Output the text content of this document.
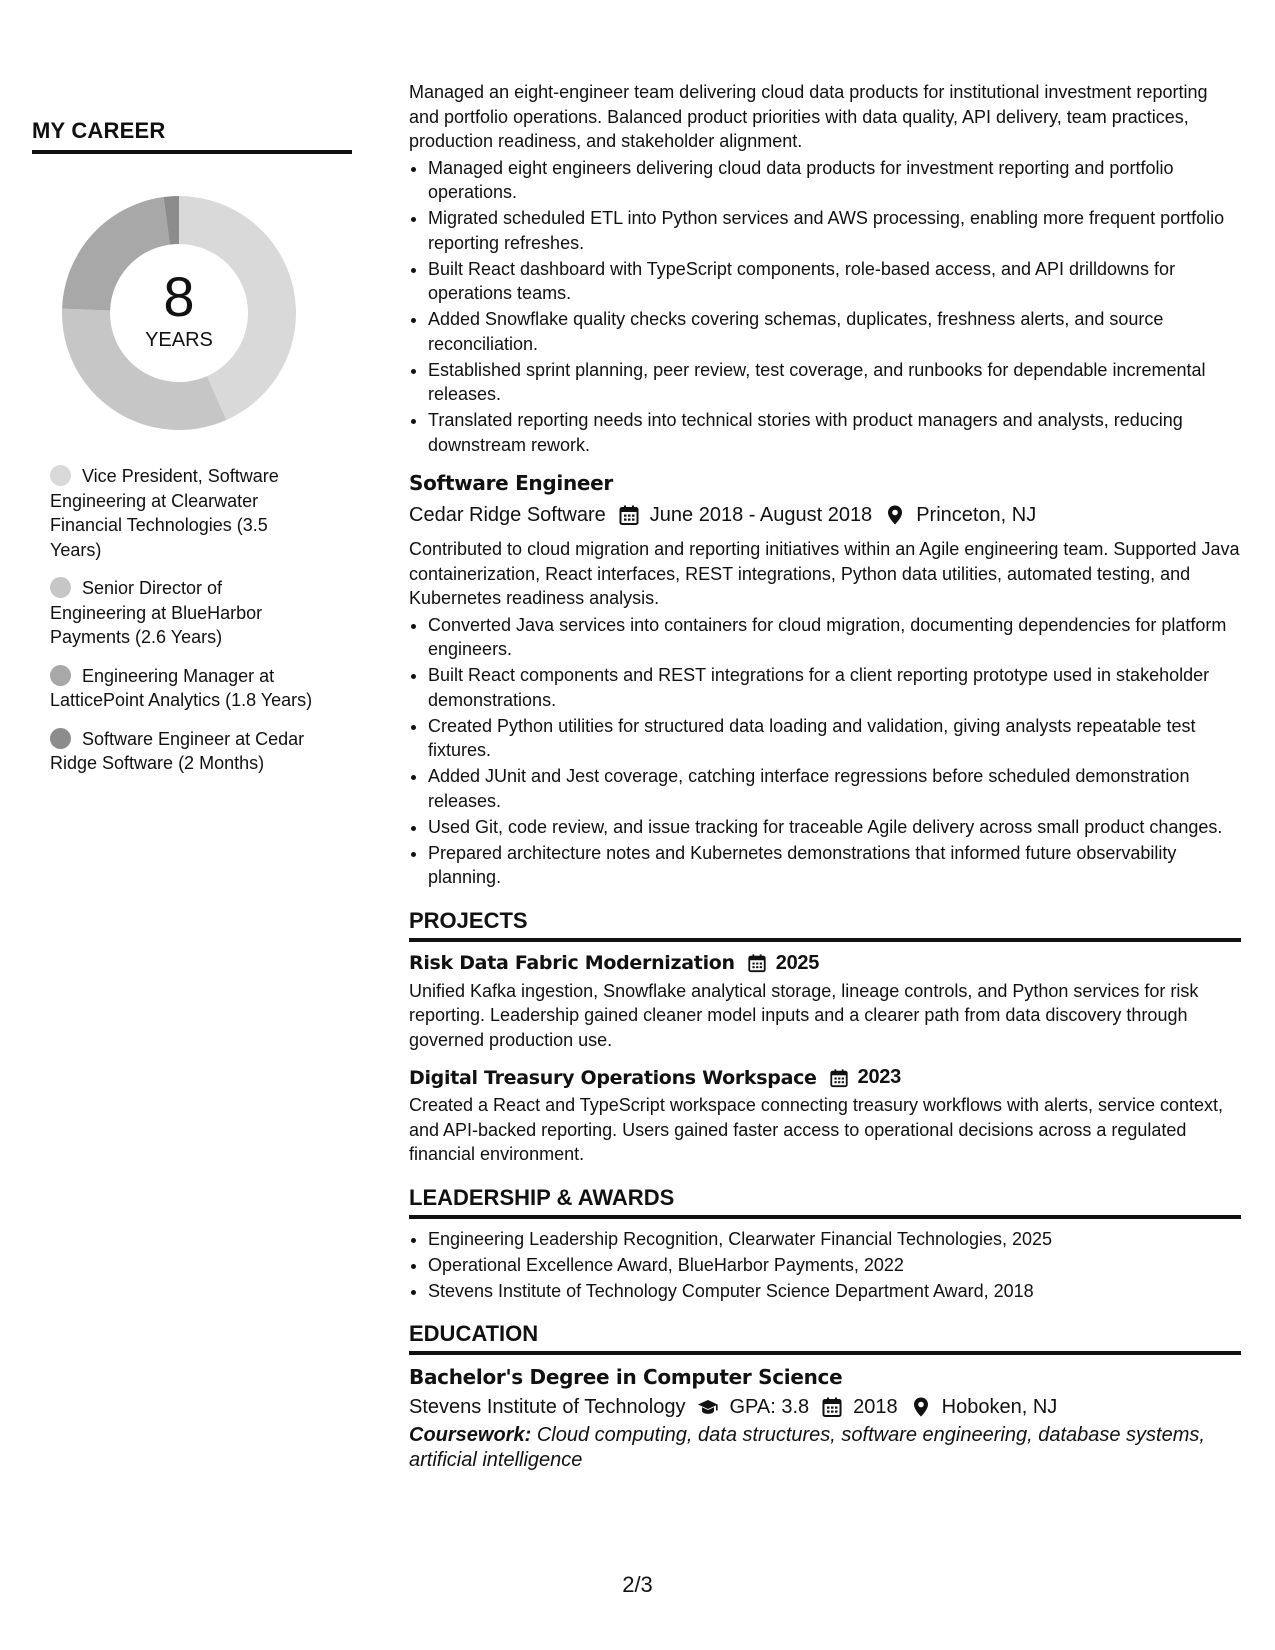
MY CAREER
8
YEARS
Vice President, Software Engineering at Clearwater Financial Technologies (3.5 Years)
Senior Director of Engineering at BlueHarbor Payments (2.6 Years)
Engineering Manager at LatticePoint Analytics (1.8 Years)
Software Engineer at Cedar Ridge Software (2 Months)

Managed an eight-engineer team delivering cloud data products for institutional investment reporting and portfolio operations. Balanced product priorities with data quality, API delivery, team practices, production readiness, and stakeholder alignment.

• Managed eight engineers delivering cloud data products for investment reporting and portfolio operations.
• Migrated scheduled ETL into Python services and AWS processing, enabling more frequent portfolio reporting refreshes.
• Built React dashboard with TypeScript components, role-based access, and API drilldowns for operations teams.
• Added Snowflake quality checks covering schemas, duplicates, freshness alerts, and source reconciliation.
• Established sprint planning, peer review, test coverage, and runbooks for dependable incremental releases.
• Translated reporting needs into technical stories with product managers and analysts, reducing downstream rework.
Software Engineer
Cedar Ridge Software June 2018 - August 2018 Princeton, NJ

Contributed to cloud migration and reporting initiatives within an Agile engineering team. Supported Java containerization, React interfaces, REST integrations, Python data utilities, automated testing, and Kubernetes readiness analysis.

• Converted Java services into containers for cloud migration, documenting dependencies for platform engineers.
• Built React components and REST integrations for a client reporting prototype used in stakeholder demonstrations.
• Created Python utilities for structured data loading and validation, giving analysts repeatable test fixtures.
• Added JUnit and Jest coverage, catching interface regressions before scheduled demonstration releases.
• Used Git, code review, and issue tracking for traceable Agile delivery across small product changes.
• Prepared architecture notes and Kubernetes demonstrations that informed future observability planning.
PROJECTS
Risk Data Fabric Modernization 2025

Unified Kafka ingestion, Snowflake analytical storage, lineage controls, and Python services for risk reporting. Leadership gained cleaner model inputs and a clearer path from data discovery through governed production use.

Digital Treasury Operations Workspace 2023

Created a React and TypeScript workspace connecting treasury workflows with alerts, service context, and API-backed reporting. Users gained faster access to operational decisions across a regulated financial environment.

LEADERSHIP & AWARDS
• Engineering Leadership Recognition, Clearwater Financial Technologies, 2025
• Operational Excellence Award, BlueHarbor Payments, 2022
• Stevens Institute of Technology Computer Science Department Award, 2018
EDUCATION
Bachelor's Degree in Computer Science
Stevens Institute of Technology GPA: 3.8 2018 Hoboken, NJ

Coursework: Cloud computing, data structures, software engineering, database systems, artificial intelligence

2/3
